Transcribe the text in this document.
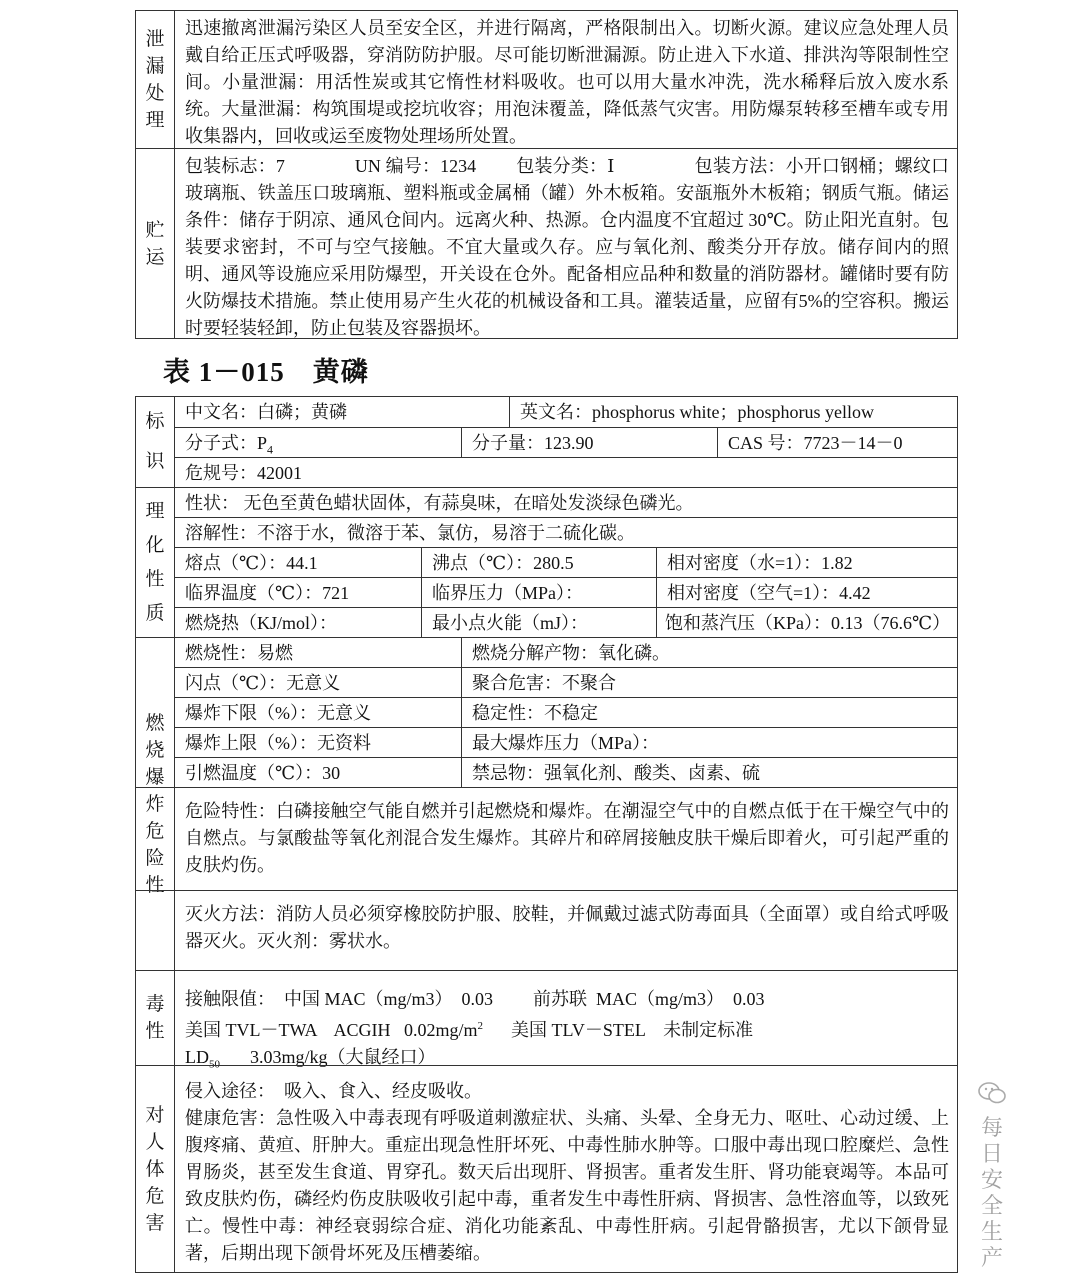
泄漏处理
迅速撤离泄漏污染区人员至安全区，并进行隔离，严格限制出入。切断火源。建议应急处理人员戴自给正压式呼吸器，穿消防防护服。尽可能切断泄漏源。防止进入下水道、排洪沟等限制性空间。小量泄漏：用活性炭或其它惰性材料吸收。也可以用大量水冲洗，洗水稀释后放入废水系统。大量泄漏：构筑围堤或挖坑收容；用泡沫覆盖，降低蒸气灾害。用防爆泵转移至槽车或专用收集器内，回收或运至废物处理场所处置。
贮运
包装标志：7	UN 编号：1234 包装分类：Ⅰ	包装方法：小开口钢桶；螺纹口玻璃瓶、铁盖压口玻璃瓶、塑料瓶或金属桶（罐）外木板箱。安瓿瓶外木板箱；钢质气瓶。储运条件：储存于阴凉、通风仓间内。远离火种、热源。仓内温度不宜超过 30℃。防止阳光直射。包装要求密封，不可与空气接触。不宜大量或久存。应与氧化剂、酸类分开存放。储存间内的照明、通风等设施应采用防爆型，开关设在仓外。配备相应品种和数量的消防器材。罐储时要有防火防爆技术措施。禁止使用易产生火花的机械设备和工具。灌装适量，应留有5%的空容积。搬运时要轻装轻卸，防止包装及容器损坏。
表 1－015　黄磷
标识
中文名：白磷；黄磷	英文名：phosphorus white；phosphorus yellow
分子式：$P_4$	分子量：123.90	CAS 号：7723－14－0
危规号：42001
理化性质
性状： 无色至黄色蜡状固体，有蒜臭味，在暗处发淡绿色磷光。
溶解性：不溶于水，微溶于苯、氯仿，易溶于二硫化碳。
熔点（℃）：44.1	沸点（℃）：280.5	相对密度（水=1）：1.82
临界温度（℃）：721	临界压力（MPa）：	相对密度（空气=1）：4.42
燃烧热（KJ/mol）：	最小点火能（mJ）：	饱和蒸汽压（KPa）：0.13（76.6℃）
燃烧爆炸危险性
燃烧性：易燃	燃烧分解产物：氧化磷。
闪点（℃）：无意义	聚合危害：不聚合
爆炸下限（%）：无意义	稳定性：不稳定
爆炸上限（%）：无资料	最大爆炸压力（MPa）：
引燃温度（℃）：30	禁忌物：强氧化剂、酸类、卤素、硫
危险特性：白磷接触空气能自燃并引起燃烧和爆炸。在潮湿空气中的自燃点低于在干燥空气中的自燃点。与氯酸盐等氧化剂混合发生爆炸。其碎片和碎屑接触皮肤干燥后即着火，可引起严重的皮肤灼伤。
灭火方法：消防人员必须穿橡胶防护服、胶鞋，并佩戴过滤式防毒面具（全面罩）或自给式呼吸器灭火。灭火剂：雾状水。
毒性
接触限值：  中国 MAC（mg/m3）  0.03 前苏联  MAC（mg/m3）  0.03
美国 TVL－TWA    ACGIH   $0.02mg/m^2$ 美国 TLV－STEL    未制定标准
$LD_{50}$ 3.03mg/kg（大鼠经口）
对人体危害
侵入途径：  吸入、食入、经皮吸收。
健康危害：急性吸入中毒表现有呼吸道刺激症状、头痛、头晕、全身无力、呕吐、心动过缓、上腹疼痛、黄疸、肝肿大。重症出现急性肝坏死、中毒性肺水肿等。口服中毒出现口腔糜烂、急性胃肠炎，甚至发生食道、胃穿孔。数天后出现肝、肾损害。重者发生肝、肾功能衰竭等。本品可致皮肤灼伤，磷经灼伤皮肤吸收引起中毒，重者发生中毒性肝病、肾损害、急性溶血等，以致死亡。慢性中毒：神经衰弱综合症、消化功能紊乱、中毒性肝病。引起骨骼损害，尤以下颌骨显著，后期出现下颌骨坏死及压槽萎缩。
每日安全生产
